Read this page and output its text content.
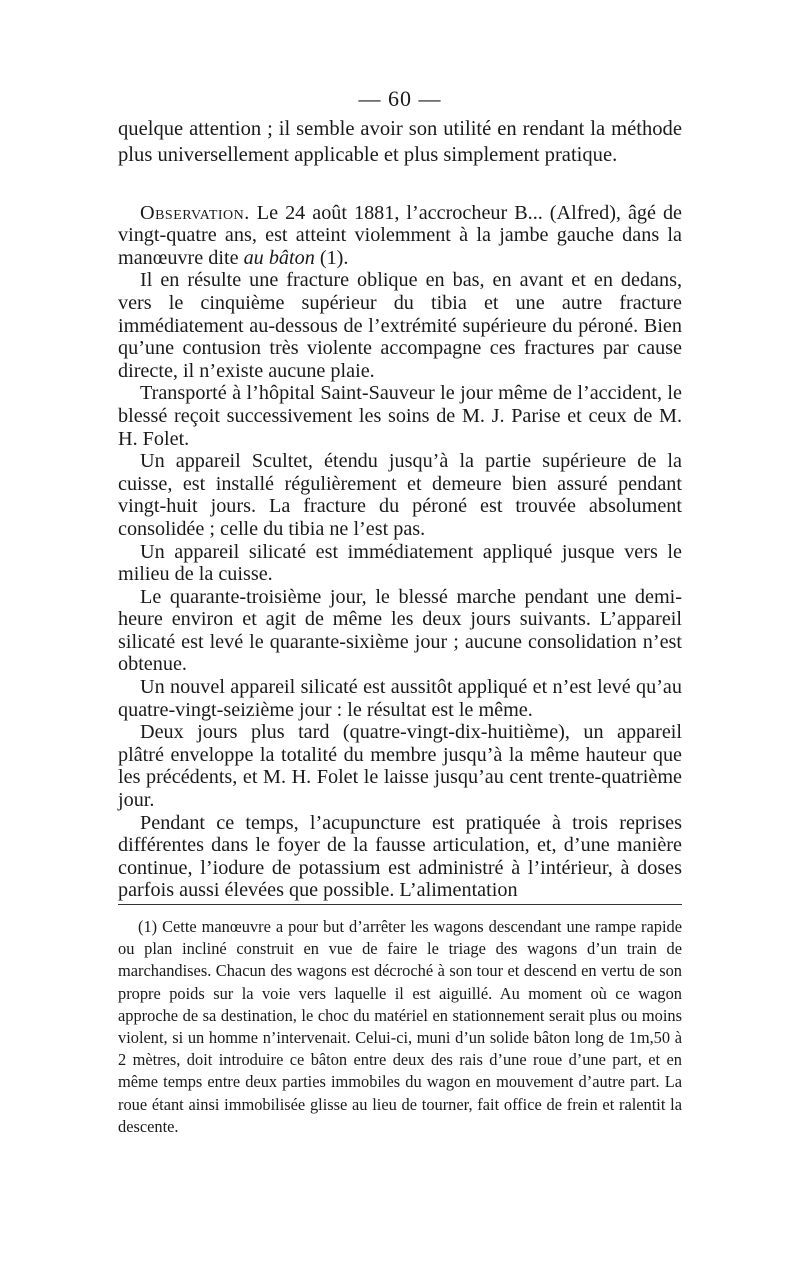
— 60 —

quelque attention ; il semble avoir son utilité en rendant la méthode plus universellement applicable et plus simplement pratique.

Observation. Le 24 août 1881, l’accrocheur B... (Alfred), âgé de vingt-quatre ans, est atteint violemment à la jambe gauche dans la manœuvre dite au bâton (1).

Il en résulte une fracture oblique en bas, en avant et en dedans, vers le cinquième supérieur du tibia et une autre fracture immédiatement au-dessous de l’extrémité supérieure du péroné. Bien qu’une contusion très violente accompagne ces fractures par cause directe, il n’existe aucune plaie.

Transporté à l’hôpital Saint-Sauveur le jour même de l’accident, le blessé reçoit successivement les soins de M. J. Parise et ceux de M. H. Folet.

Un appareil Scultet, étendu jusqu’à la partie supérieure de la cuisse, est installé régulièrement et demeure bien assuré pendant vingt-huit jours. La fracture du péroné est trouvée absolument consolidée ; celle du tibia ne l’est pas.

Un appareil silicaté est immédiatement appliqué jusque vers le milieu de la cuisse.

Le quarante-troisième jour, le blessé marche pendant une demi-heure environ et agit de même les deux jours suivants. L’appareil silicaté est levé le quarante-sixième jour ; aucune consolidation n’est obtenue.

Un nouvel appareil silicaté est aussitôt appliqué et n’est levé qu’au quatre-vingt-seizième jour : le résultat est le même.

Deux jours plus tard (quatre-vingt-dix-huitième), un appareil plâtré enveloppe la totalité du membre jusqu’à la même hauteur que les précédents, et M. H. Folet le laisse jusqu’au cent trente-quatrième jour.

Pendant ce temps, l’acupuncture est pratiquée à trois reprises différentes dans le foyer de la fausse articulation, et, d’une manière continue, l’iodure de potassium est administré à l’intérieur, à doses parfois aussi élevées que possible. L’alimentation

(1) Cette manœuvre a pour but d’arrêter les wagons descendant une rampe rapide ou plan incliné construit en vue de faire le triage des wagons d’un train de marchandises. Chacun des wagons est décroché à son tour et descend en vertu de son propre poids sur la voie vers laquelle il est aiguillé. Au moment où ce wagon approche de sa destination, le choc du matériel en stationnement serait plus ou moins violent, si un homme n’intervenait. Celui-ci, muni d’un solide bâton long de 1m,50 à 2 mètres, doit introduire ce bâton entre deux des rais d’une roue d’une part, et en même temps entre deux parties immobiles du wagon en mouvement d’autre part. La roue étant ainsi immobilisée glisse au lieu de tourner, fait office de frein et ralentit la descente.
